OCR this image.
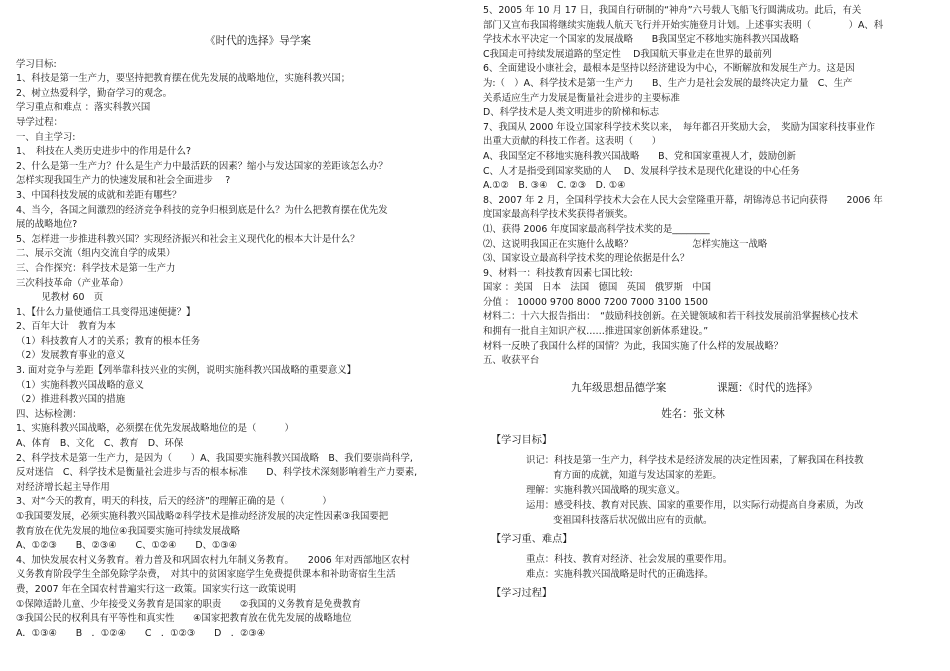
《时代的选择》导学案
学习目标:
1、科技是第一生产力，要坚持把教育摆在优先发展的战略地位，实施科教兴国；
2、树立热爱科学，勤奋学习的观念。
学习重点和难点 ：落实科教兴国
导学过程：
一、自主学习:
1、　科技在人类历史进步中的作用是什么?
2、什么是第一生产力？什么是生产力中最活跃的因素？缩小与发达国家的差距该怎么办？
怎样实现我国生产力的快速发展和社会全面进步　 ?
3、中国科技发展的成就和差距有哪些？
4、当今，各国之间激烈的经济竞争科技的竞争归根到底是什么？为什么把教育摆在优先发
展的战略地位?
5、怎样进一步推进科教兴国？实现经济振兴和社会主义现代化的根本大计是什么？
二、展示交流（组内交流自学的成果）
三、合作探究：科学技术是第一生产力
三次科技革命（产业革命）
　见教材 60　页
1、【什么力量使通信工具变得迅速便捷？】
2、百年大计　教育为本
（1）科技教育人才的关系；教育的根本任务
（2）发展教育事业的意义
3. 面对竞争与差距【列举靠科技兴业的实例，说明实施科教兴国战略的重要意义】
（1）实施科教兴国战略的意义
（2）推进科教兴国的措施
四、达标检测：
1、实施科教兴国战略，必须摆在优先发展战略地位的是（　　　）
A、体育　B、文化　C、教育　D、环保
2、科学技术是第一生产力，是因为（　　）A、我国要实施科教兴国战略　B、我们要崇尚科学,
反对迷信　C、科学技术是衡量社会进步与否的根本标准　　D、科学技术深刻影响着生产力要素,
对经济增长起主导作用
3、对“今天的教育，明天的科技，后天的经济”的理解正确的是（　　　　）
①我国要发展，必须实施科教兴国战略②科学技术是推动经济发展的决定性因素③我国要把
教育放在优先发展的地位④我国要实施可持续发展战略
A、①②③　　B、②③④　　C、①②④　　D、①③④
4、加快发展农村义务教育。着力普及和巩固农村九年制义务教育。　　2006 年对西部地区农村
义务教育阶段学生全部免除学杂费，　对其中的贫困家庭学生免费提供课本和补助寄宿生生活
费，2007 年在全国农村普遍实行这一政策。国家实行这一政策说明
①保障适龄儿童、少年接受义务教育是国家的职责　　②我国的义务教育是免费教育
③我国公民的权利具有平等性和真实性　　④国家把教育放在优先发展的战略地位
A．①③④　　B　．①②④　　C　．①②③　　D　．②③④
5、2005 年 10 月 17 日，我国自行研制的“神舟”六号载人飞船飞行圆满成功。此后，有关
部门又宣布我国将继续实施载人航天飞行并开始实施登月计划。上述事实表明（　　　　）A、科
学技术水平决定一个国家的发展战略　　B我国坚定不移地实施科教兴国战略
C我国走可持续发展道路的坚定性　 D我国航天事业走在世界的最前列
6、全面建设小康社会，最根本是坚持以经济建设为中心，不断解放和发展生产力。这是因
为:（　）A、科学技术是第一生产力　　B、生产力是社会发展的最终决定力量　C、生产
关系适应生产力发展是衡量社会进步的主要标准
D、科学技术是人类文明进步的阶梯和标志
7、我国从 2000 年设立国家科学技术奖以来，　每年都召开奖励大会，　奖励为国家科技事业作
出重大贡献的科技工作者。这表明（　　）
A、我国坚定不移地实施科教兴国战略　　B、党和国家重视人才，鼓励创新
C、人才是指受到国家奖励的人　 D、发展科学技术是现代化建设的中心任务
A.①②　B. ③④　C. ②③　D. ①④
8、2007 年 2 月，全国科学技术大会在人民大会堂隆重开幕，胡锦涛总书记向获得　　2006 年
度国家最高科学技术奖获得者颁奖。
⑴、获得 2006 年度国家最高科学技术奖的是________
⑵、这说明我国正在实施什么战略？　　　　　　 怎样实施这一战略
⑶、国家设立最高科学技术奖的理论依据是什么？
9、材料一：科技教育因素七国比较:
国家 ：美国　日本　法国　德国　英国　俄罗斯　中国
分值 ： 10000 9700 8000 7200 7000 3100 1500
材料二：十六大报告指出：　“鼓励科技创新。在关键领域和若干科技发展前沿掌握核心技术
和拥有一批自主知识产权……推进国家创新体系建设。”
材料一反映了我国什么样的国情？为此，我国实施了什么样的发展战略？
五、收获平台
九年级思想品德学案	课题：《时代的选择》
姓名：张文林
【学习目标】
识记：科技是第一生产力，科学技术是经济发展的决定性因素，了解我国在科技教
育方面的成就，知道与发达国家的差距。
理解：实施科教兴国战略的现实意义。
运用：感受科技、教育对民族、国家的重要作用，以实际行动提高自身素质，为改
变祖国科技落后状况做出应有的贡献。
【学习重、难点】
重点：科技、教育对经济、社会发展的重要作用。
难点：实施科教兴国战略是时代的正确选择。
【学习过程】
